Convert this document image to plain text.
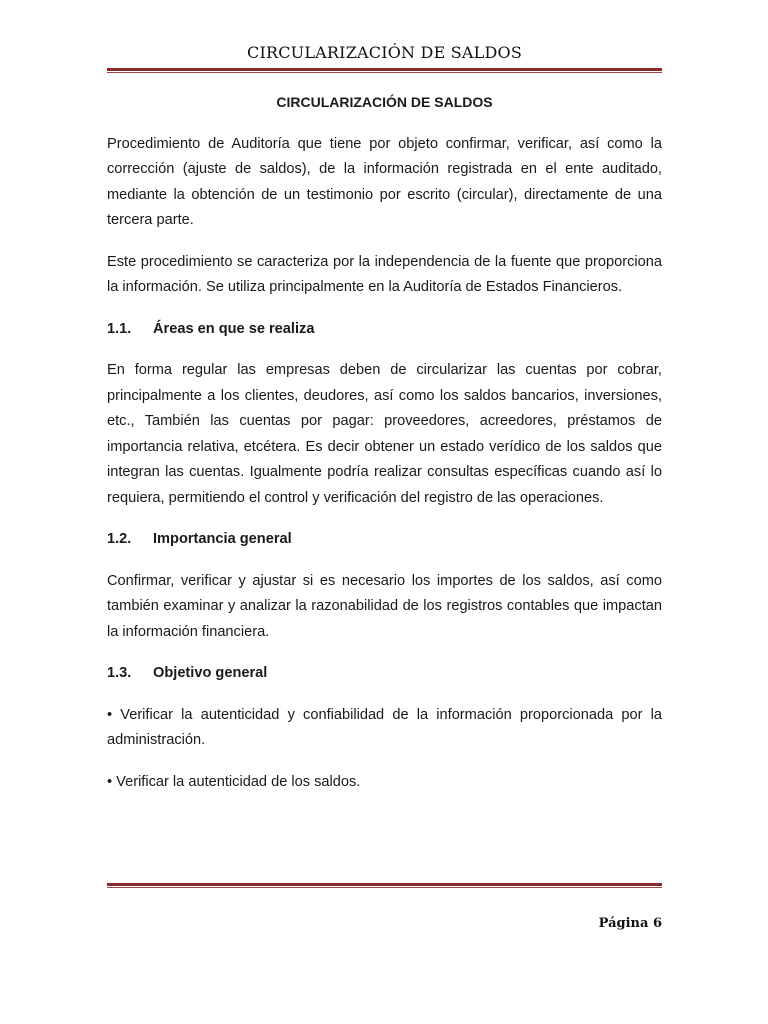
CIRCULARIZACIÓN DE SALDOS
CIRCULARIZACIÓN DE SALDOS

Procedimiento de Auditoría que tiene por objeto confirmar, verificar, así como la corrección (ajuste de saldos), de la información registrada en el ente auditado, mediante la obtención de un testimonio por escrito (circular), directamente de una tercera parte.

Este procedimiento se caracteriza por la independencia de la fuente que proporciona la información. Se utiliza principalmente en la Auditoría de Estados Financieros.

1.1. Áreas en que se realiza

En forma regular las empresas deben de circularizar las cuentas por cobrar, principalmente a los clientes, deudores, así como los saldos bancarios, inversiones, etc., También las cuentas por pagar: proveedores, acreedores, préstamos de importancia relativa, etcétera. Es decir obtener un estado verídico de los saldos que integran las cuentas. Igualmente podría realizar consultas específicas cuando así lo requiera, permitiendo el control y verificación del registro de las operaciones.

1.2. Importancia general

Confirmar, verificar y ajustar si es necesario los importes de los saldos, así como también examinar y analizar la razonabilidad de los registros contables que impactan la información financiera.

1.3. Objetivo general
• Verificar la autenticidad y confiabilidad de la información proporcionada por la administración.
• Verificar la autenticidad de los saldos.
Página 6
